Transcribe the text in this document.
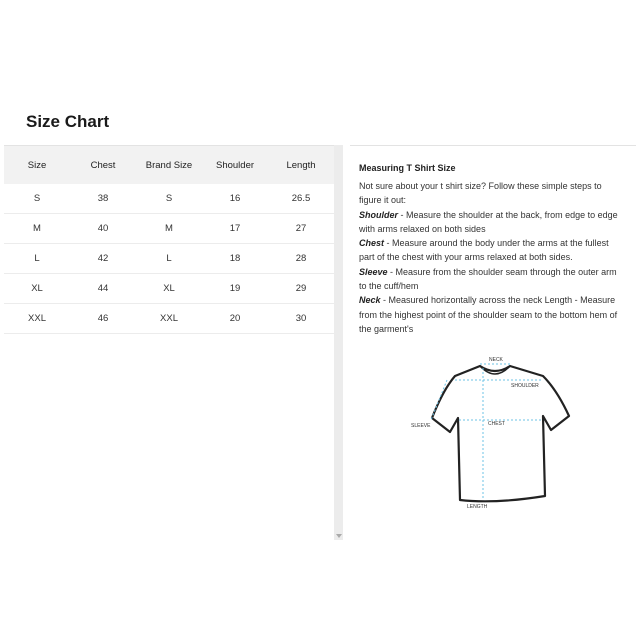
Size Chart
Size	Chest	Brand Size	Shoulder	Length
S	38	S	16	26.5
M	40	M	17	27
L	42	L	18	28
XL	44	XL	19	29
XXL	46	XXL	20	30
Measuring T Shirt Size

Not sure about your t shirt size? Follow these simple steps to figure it out:

Shoulder - Measure the shoulder at the back, from edge to edge with arms relaxed on both sides

Chest - Measure around the body under the arms at the fullest part of the chest with your arms relaxed at both sides.

Sleeve - Measure from the shoulder seam through the outer arm to the cuff/hem

Neck - Measured horizontally across the neck Length - Measure from the highest point of the shoulder seam to the bottom hem of the garment's

NECK
SHOULDER
CHEST
SLEEVE
LENGTH
